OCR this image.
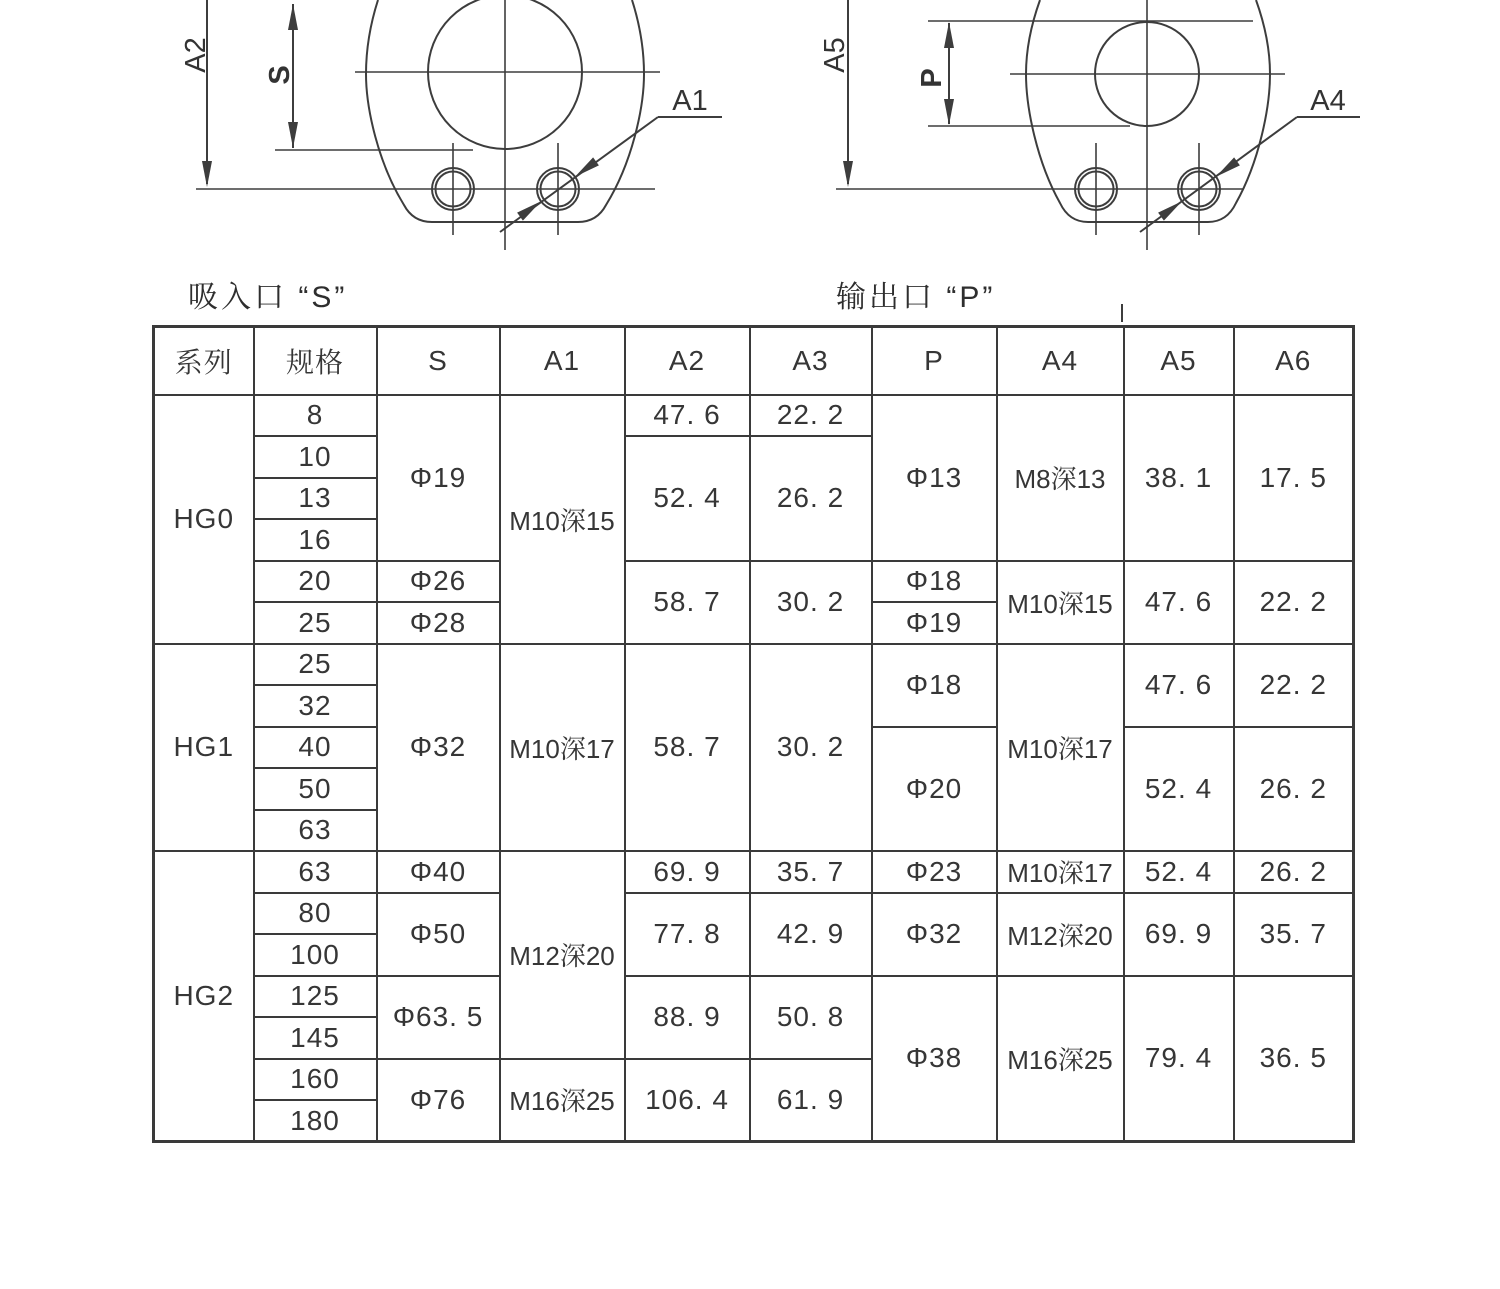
A2
S
A1
A5
P
A4
吸入口 “S”	输出口 “P”
系列	规格	S	A1	A2	A3	P	A4	A5	A6
HG0	8	Φ19	M10深15	47. 6	22. 2	Φ13	M8深13	38. 1	17. 5
	10			52. 4	26. 2				
	13								
	16								
	20	Φ26		58. 7	30. 2	Φ18	M10深15	47. 6	22. 2
	25	Φ28				Φ19			
HG1	25	Φ32	M10深17	58. 7	30. 2	Φ18	M10深17	47. 6	22. 2
	32								
	40					Φ20		52. 4	26. 2
	50								
	63								
HG2	63	Φ40	M12深20	69. 9	35. 7	Φ23	M10深17	52. 4	26. 2
	80	Φ50		77. 8	42. 9	Φ32	M12深20	69. 9	35. 7
	100								
	125	Φ63. 5		88. 9	50. 8	Φ38	M16深25	79. 4	36. 5
	145								
	160	Φ76	M16深25	106. 4	61. 9				
	180								
